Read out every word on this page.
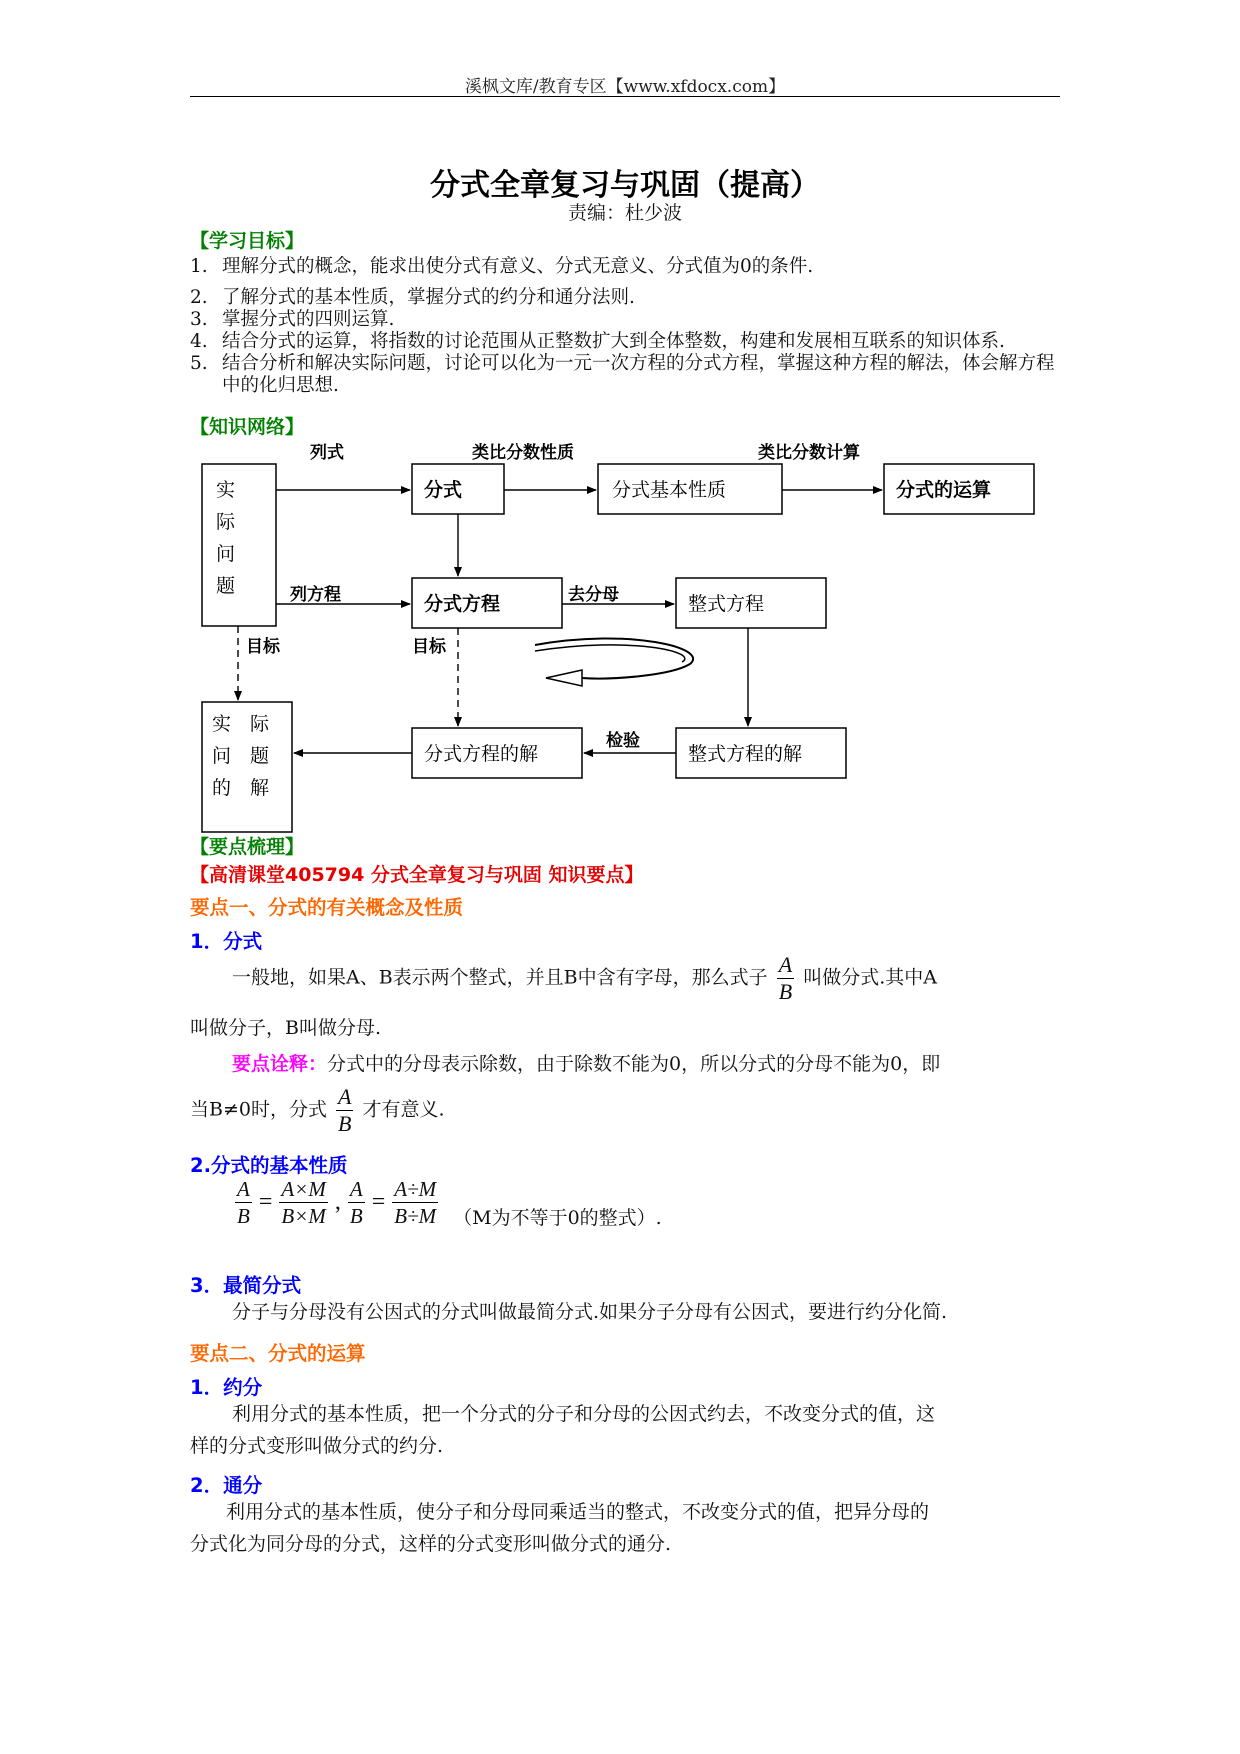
溪枫文库/教育专区【www.xfdocx.com】
分式全章复习与巩固（提高）
责编：杜少波
【学习目标】
1. 理解分式的概念，能求出使分式有意义、分式无意义、分式值为0的条件.
2. 了解分式的基本性质，掌握分式的约分和通分法则.
3. 掌握分式的四则运算.
4. 结合分式的运算，将指数的讨论范围从正整数扩大到全体整数，构建和发展相互联系的知识体系.
5. 结合分析和解决实际问题，讨论可以化为一元一次方程的分式方程，掌握这种方程的解法，体会解方程中的化归思想.
【知识网络】
实
际
问
题
分式	分式基本性质	分式的运算
分式方程	整式方程
分式方程的解	整式方程的解
实 际
问 题
的 解
列式	类比分数性质	类比分数计算
列方程	去分母
目标	目标
检验
【要点梳理】
【高清课堂405794 分式全章复习与巩固 知识要点】
要点一、分式的有关概念及性质
1．分式
一般地，如果A、B表示两个整式，并且B中含有字母，那么式子 $\frac{A}{B}$ 叫做分式.其中A
叫做分子，B叫做分母.
要点诠释：分式中的分母表示除数，由于除数不能为0，所以分式的分母不能为0，即
当B≠0时，分式 $\frac{A}{B}$ 才有意义.
2.分式的基本性质
$\frac{A}{B} = \frac{A\times M}{B\times M}$ , $\frac{A}{B} = \frac{A\div M}{B\div M} (M$为不等于0的整式）.
3．最简分式
分子与分母没有公因式的分式叫做最简分式.如果分子分母有公因式，要进行约分化简.
要点二、分式的运算
1．约分
利用分式的基本性质，把一个分式的分子和分母的公因式约去，不改变分式的值，这
样的分式变形叫做分式的约分.
2．通分
利用分式的基本性质，使分子和分母同乘适当的整式，不改变分式的值，把异分母的
分式化为同分母的分式，这样的分式变形叫做分式的通分.
